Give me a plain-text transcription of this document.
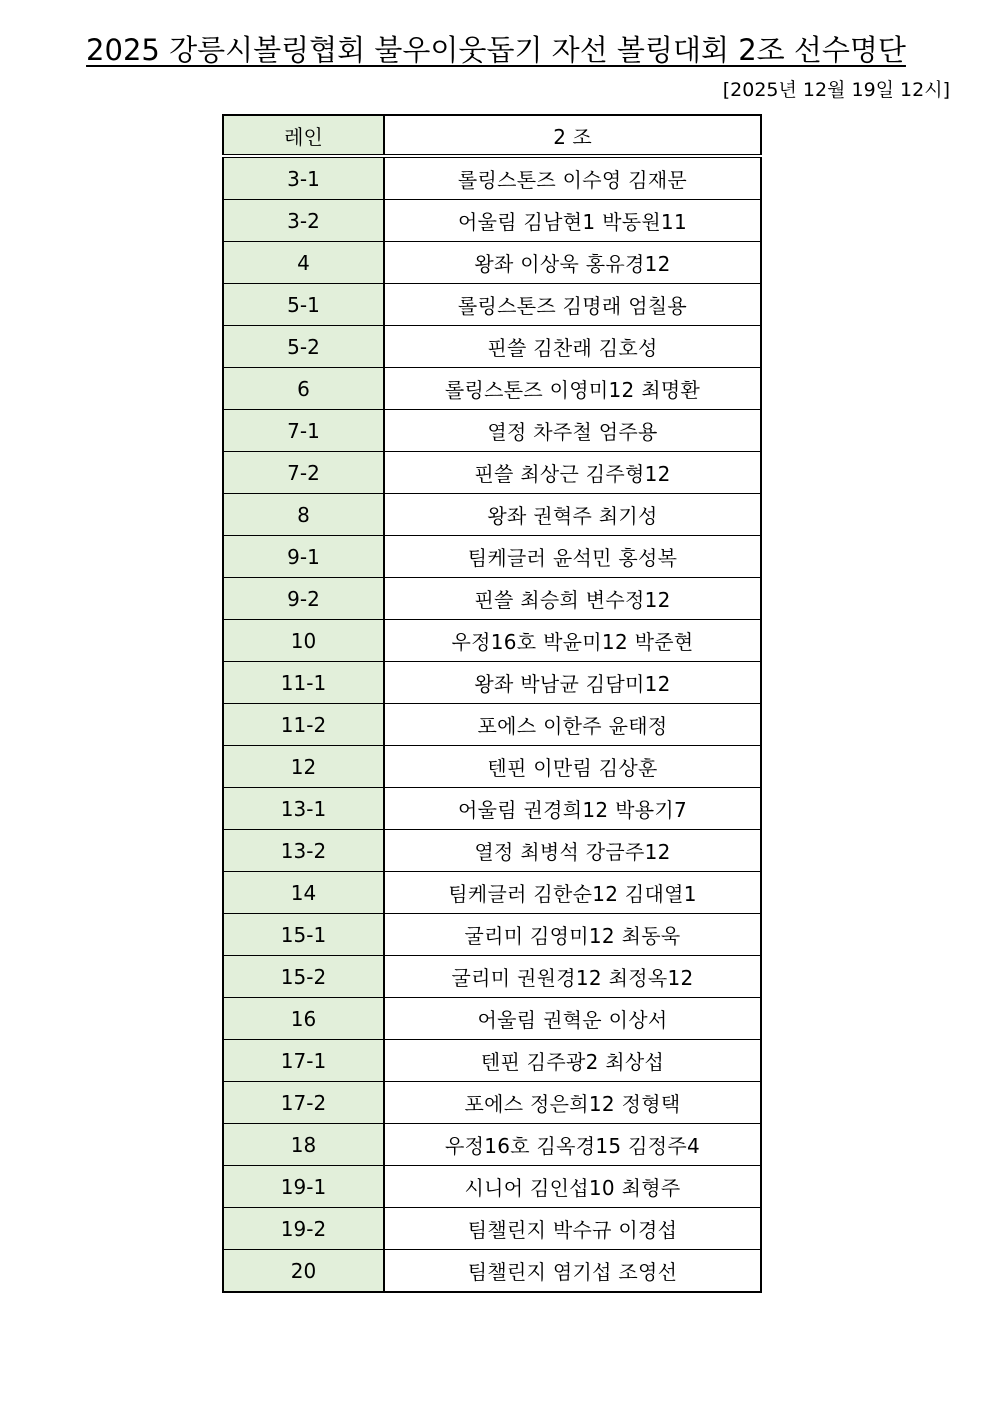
2025 강릉시볼링협회 불우이웃돕기 자선 볼링대회 2조 선수명단
[2025년 12월 19일 12시]
레인	2 조
3-1	롤링스톤즈 이수영 김재문
3-2	어울림 김남현1 박동원11
4	왕좌 이상욱 홍유경12
5-1	롤링스톤즈 김명래 엄칠용
5-2	핀쓸 김찬래 김호성
6	롤링스톤즈 이영미12 최명환
7-1	열정 차주철 엄주용
7-2	핀쓸 최상근 김주형12
8	왕좌 권혁주 최기성
9-1	팀케글러 윤석민 홍성복
9-2	핀쓸 최승희 변수정12
10	우정16호 박윤미12 박준현
11-1	왕좌 박남균 김담미12
11-2	포에스 이한주 윤태정
12	텐핀 이만림 김상훈
13-1	어울림 권경희12 박용기7
13-2	열정 최병석 강금주12
14	팀케글러 김한순12 김대열1
15-1	굴리미 김영미12 최동욱
15-2	굴리미 권원경12 최정옥12
16	어울림 권혁운 이상서
17-1	텐핀 김주광2 최상섭
17-2	포에스 정은희12 정형택
18	우정16호 김옥경15 김정주4
19-1	시니어 김인섭10 최형주
19-2	팀챌린지 박수규 이경섭
20	팀챌린지 염기섭 조영선
